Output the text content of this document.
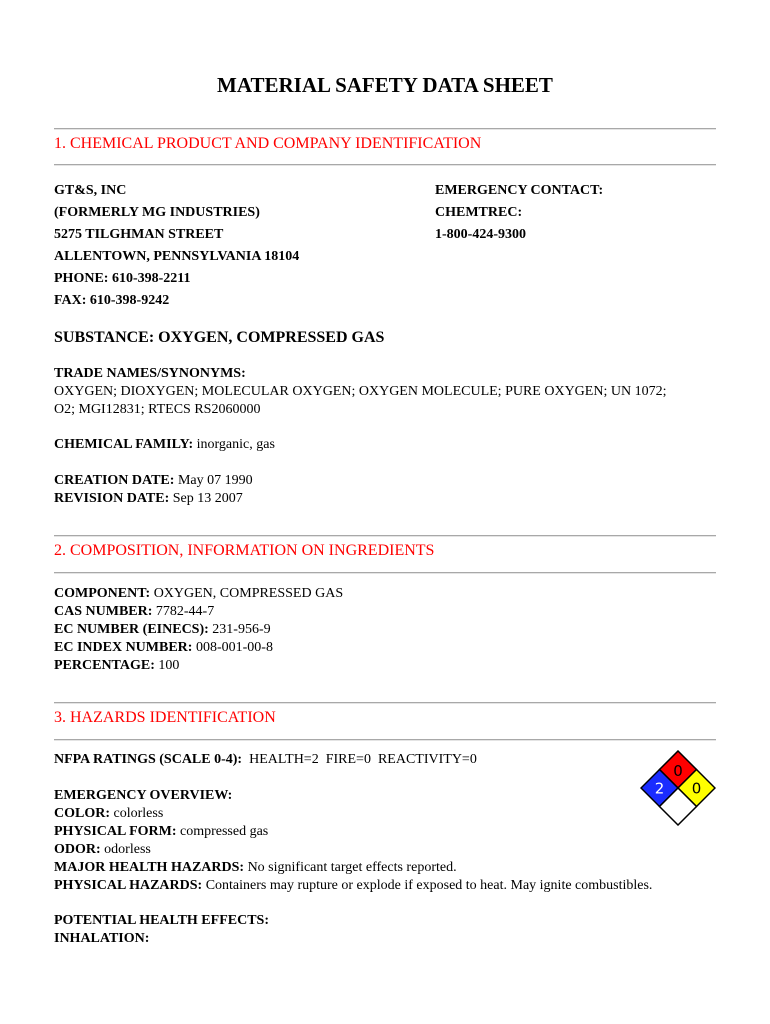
MATERIAL SAFETY DATA SHEET
1. CHEMICAL PRODUCT AND COMPANY IDENTIFICATION
GT&S, INC
(FORMERLY MG INDUSTRIES)
5275 TILGHMAN STREET
ALLENTOWN, PENNSYLVANIA 18104
PHONE: 610-398-2211
FAX: 610-398-9242
EMERGENCY CONTACT:
CHEMTREC:
1-800-424-9300
SUBSTANCE: OXYGEN, COMPRESSED GAS
TRADE NAMES/SYNONYMS:
OXYGEN; DIOXYGEN; MOLECULAR OXYGEN; OXYGEN MOLECULE; PURE OXYGEN; UN 1072;
O2; MGI12831; RTECS RS2060000
CHEMICAL FAMILY: inorganic, gas
CREATION DATE: May 07 1990
REVISION DATE: Sep 13 2007
2. COMPOSITION, INFORMATION ON INGREDIENTS
COMPONENT: OXYGEN, COMPRESSED GAS
CAS NUMBER: 7782-44-7
EC NUMBER (EINECS): 231-956-9
EC INDEX NUMBER: 008-001-00-8
PERCENTAGE: 100
3. HAZARDS IDENTIFICATION
NFPA RATINGS (SCALE 0-4):  HEALTH=2  FIRE=0  REACTIVITY=0
EMERGENCY OVERVIEW:
COLOR: colorless
PHYSICAL FORM: compressed gas
ODOR: odorless
MAJOR HEALTH HAZARDS: No significant target effects reported.
PHYSICAL HAZARDS: Containers may rupture or explode if exposed to heat. May ignite combustibles.
POTENTIAL HEALTH EFFECTS:
INHALATION:
0
2 0
